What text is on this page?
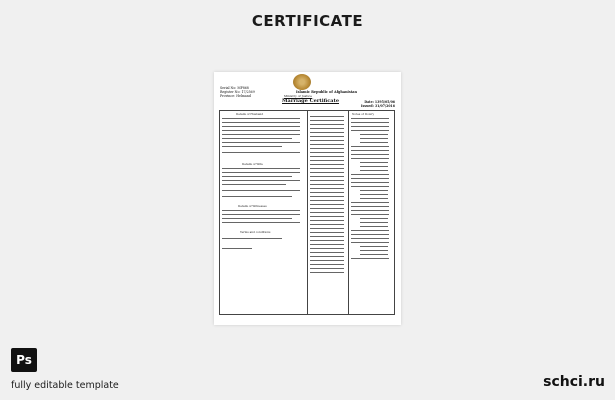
CERTIFICATE
Serial No: MP868
Register No: 17/2569
Province: Helmand
Islamic Republic of Afghanistan
Ministry of Justice
Marriage Certificate	Date: 1395/05/06
Issued: 31/07/2016
Details of Husband
Details of Wife
Details of Witnesses
Terms and conditions
Notes of Dowry
Ps
fully editable template	schci.ru
